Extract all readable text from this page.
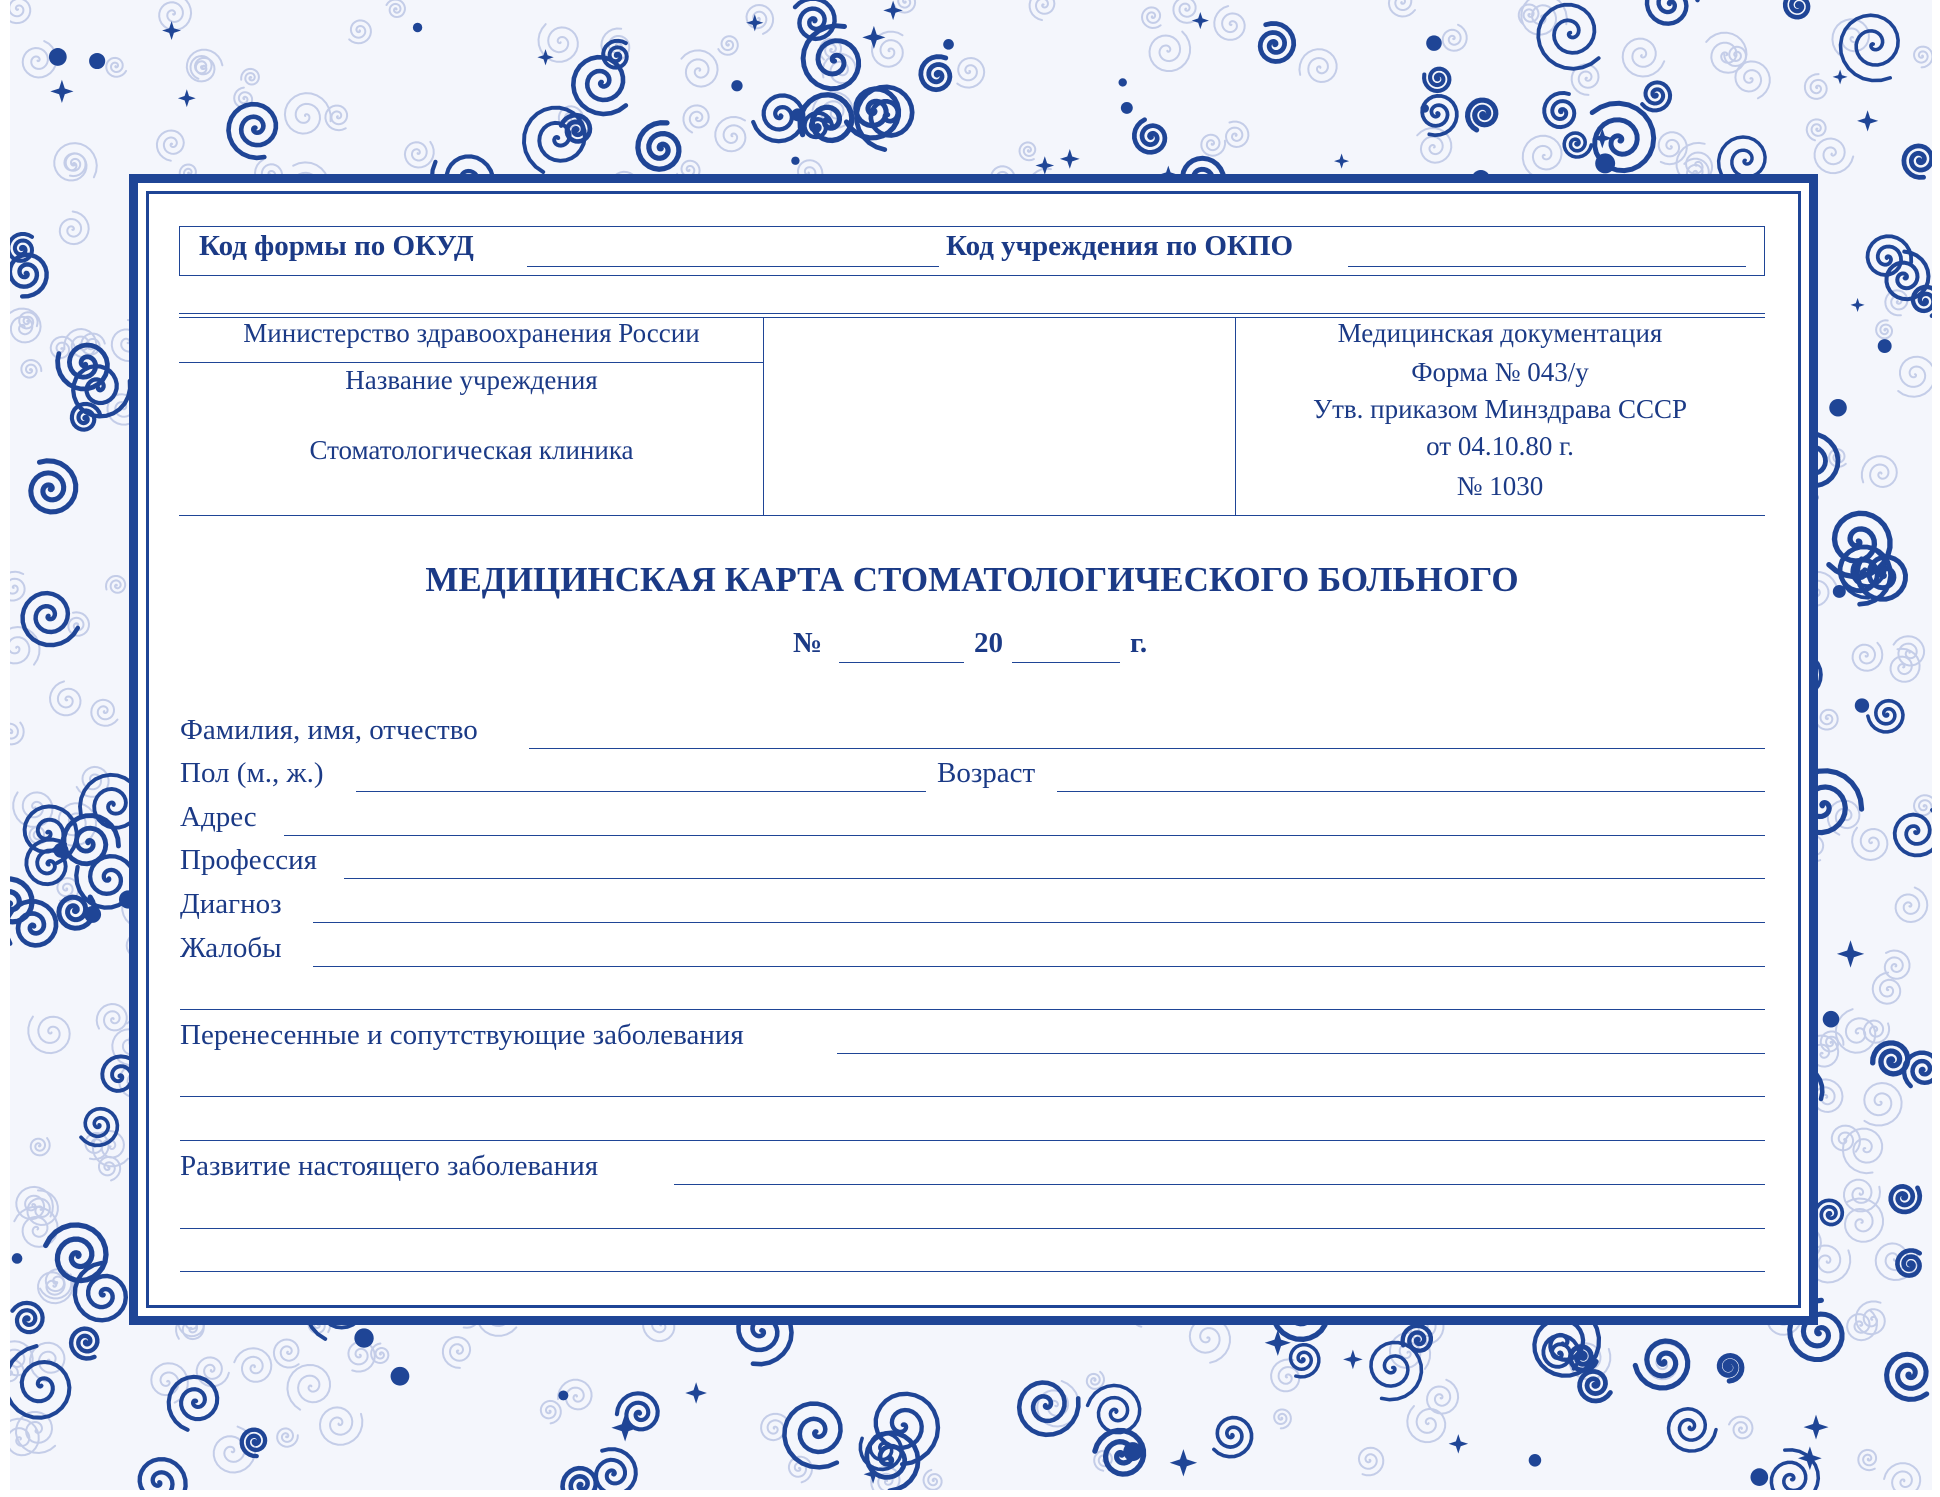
Код формы по ОКУД	Код учреждения по ОКПО
Министерство здравоохранения России
Название учреждения
Стоматологическая клиника
Медицинская документация
Форма № 043/у
Утв. приказом Минздрава СССР
от 04.10.80 г.
№ 1030
МЕДИЦИНСКАЯ КАРТА СТОМАТОЛОГИЧЕСКОГО БОЛЬНОГО
№	20	г.
Фамилия, имя, отчество
Пол (м., ж.)	Возраст
Адрес
Профессия
Диагноз
Жалобы
Перенесенные и сопутствующие заболевания
Развитие настоящего заболевания
